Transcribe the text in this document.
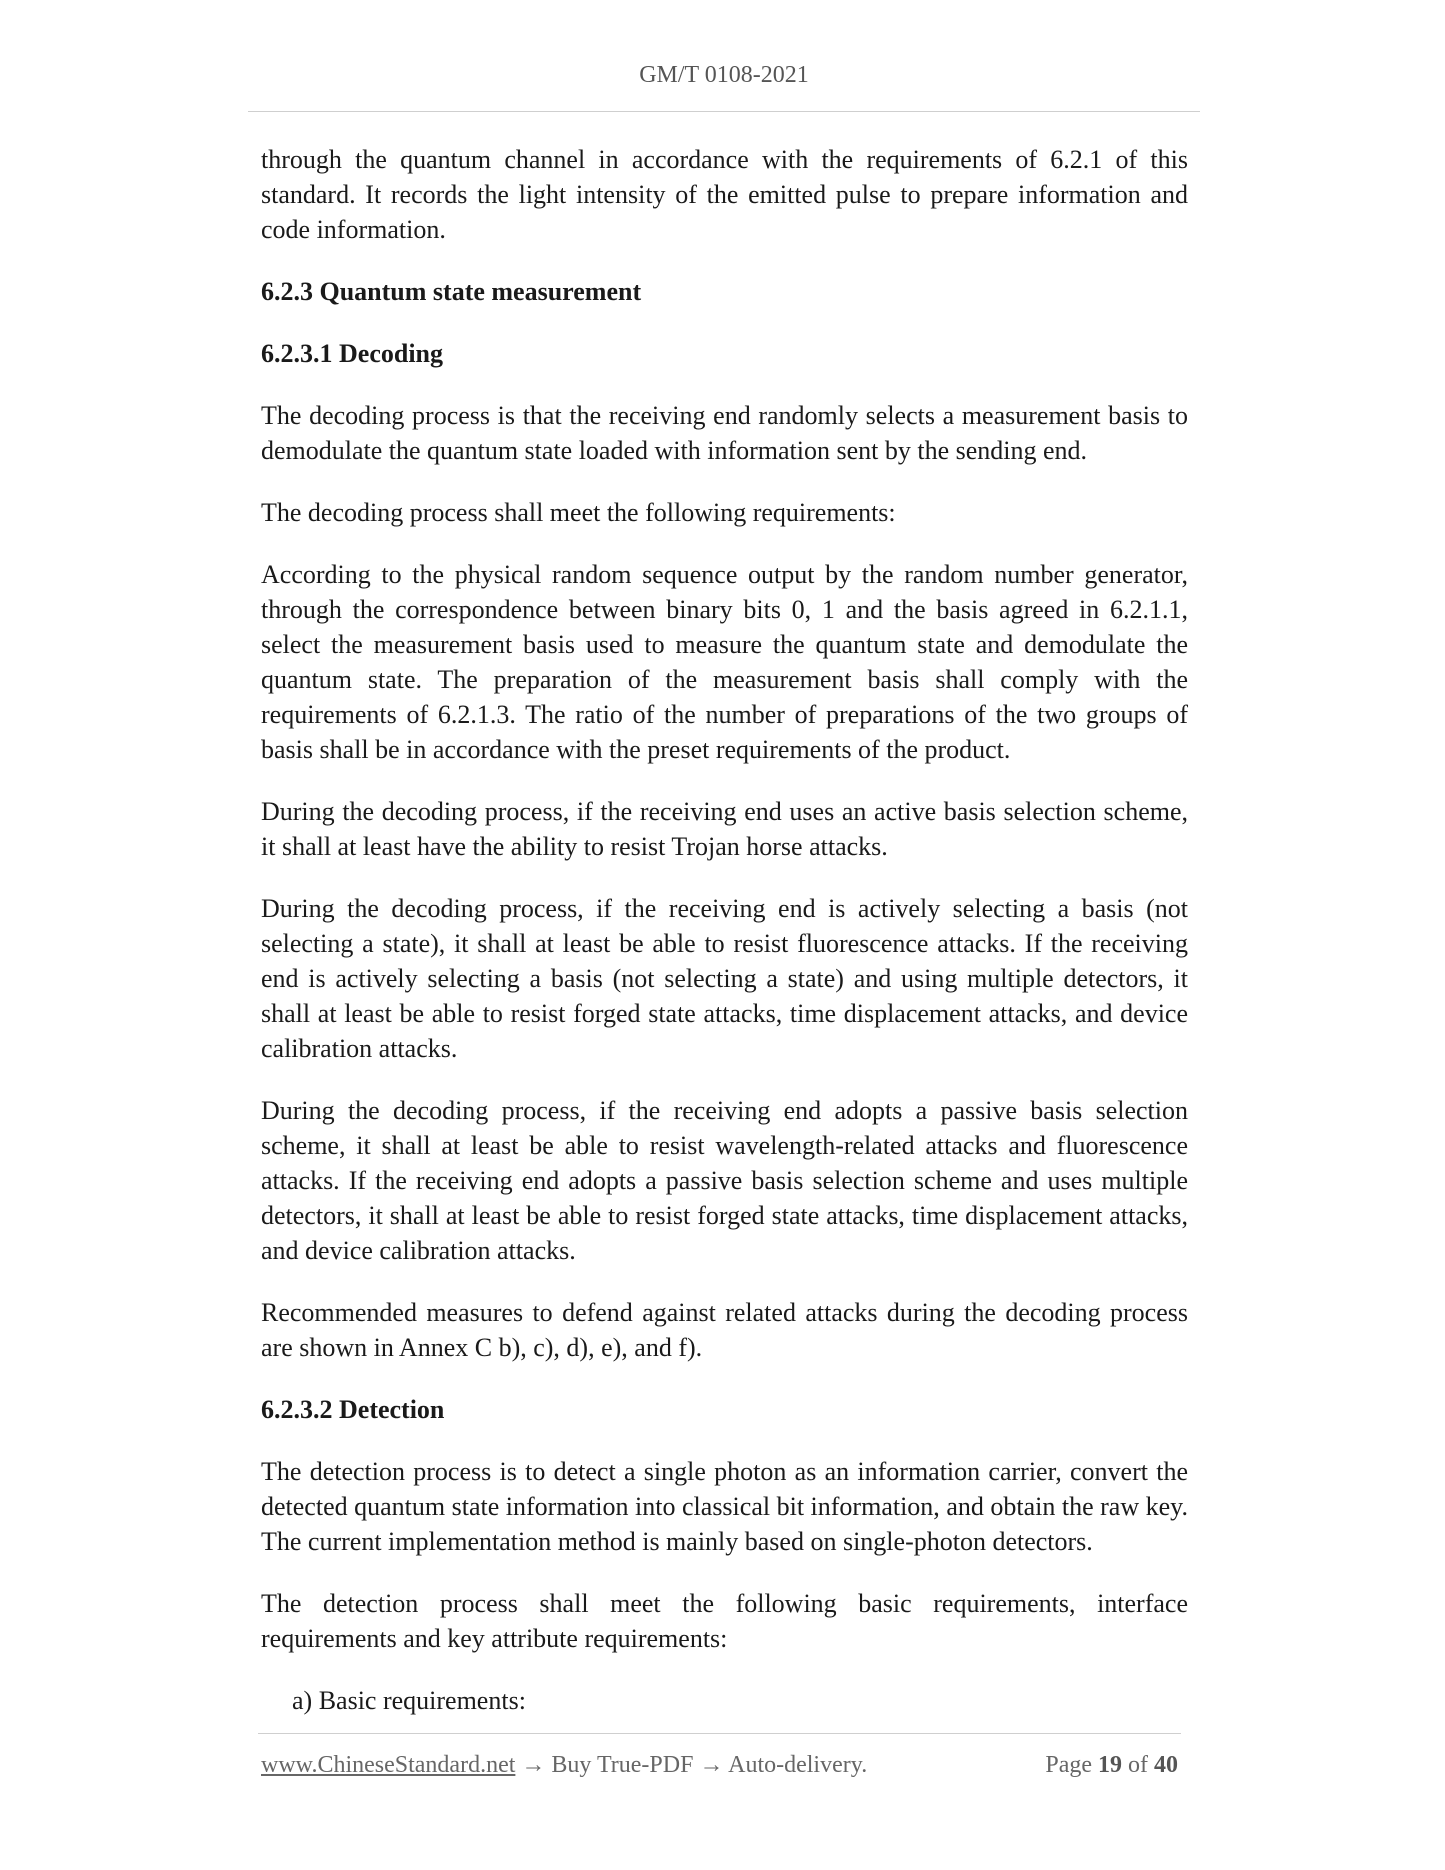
GM/T 0108-2021

through the quantum channel in accordance with the requirements of 6.2.1 of this standard. It records the light intensity of the emitted pulse to prepare information and code information.

6.2.3 Quantum state measurement

6.2.3.1 Decoding

The decoding process is that the receiving end randomly selects a measurement basis to demodulate the quantum state loaded with information sent by the sending end.

The decoding process shall meet the following requirements:

According to the physical random sequence output by the random number generator, through the correspondence between binary bits 0, 1 and the basis agreed in 6.2.1.1, select the measurement basis used to measure the quantum state and demodulate the quantum state. The preparation of the measurement basis shall comply with the requirements of 6.2.1.3. The ratio of the number of preparations of the two groups of basis shall be in accordance with the preset requirements of the product.

During the decoding process, if the receiving end uses an active basis selection scheme, it shall at least have the ability to resist Trojan horse attacks.

During the decoding process, if the receiving end is actively selecting a basis (not selecting a state), it shall at least be able to resist fluorescence attacks. If the receiving end is actively selecting a basis (not selecting a state) and using multiple detectors, it shall at least be able to resist forged state attacks, time displacement attacks, and device calibration attacks.

During the decoding process, if the receiving end adopts a passive basis selection scheme, it shall at least be able to resist wavelength-related attacks and fluorescence attacks. If the receiving end adopts a passive basis selection scheme and uses multiple detectors, it shall at least be able to resist forged state attacks, time displacement attacks, and device calibration attacks.

Recommended measures to defend against related attacks during the decoding process are shown in Annex C b), c), d), e), and f).

6.2.3.2 Detection

The detection process is to detect a single photon as an information carrier, convert the detected quantum state information into classical bit information, and obtain the raw key. The current implementation method is mainly based on single-photon detectors.

The detection process shall meet the following basic requirements, interface requirements and key attribute requirements:

a) Basic requirements:

www.ChineseStandard.net → Buy True-PDF → Auto-delivery.	Page 19 of 40
